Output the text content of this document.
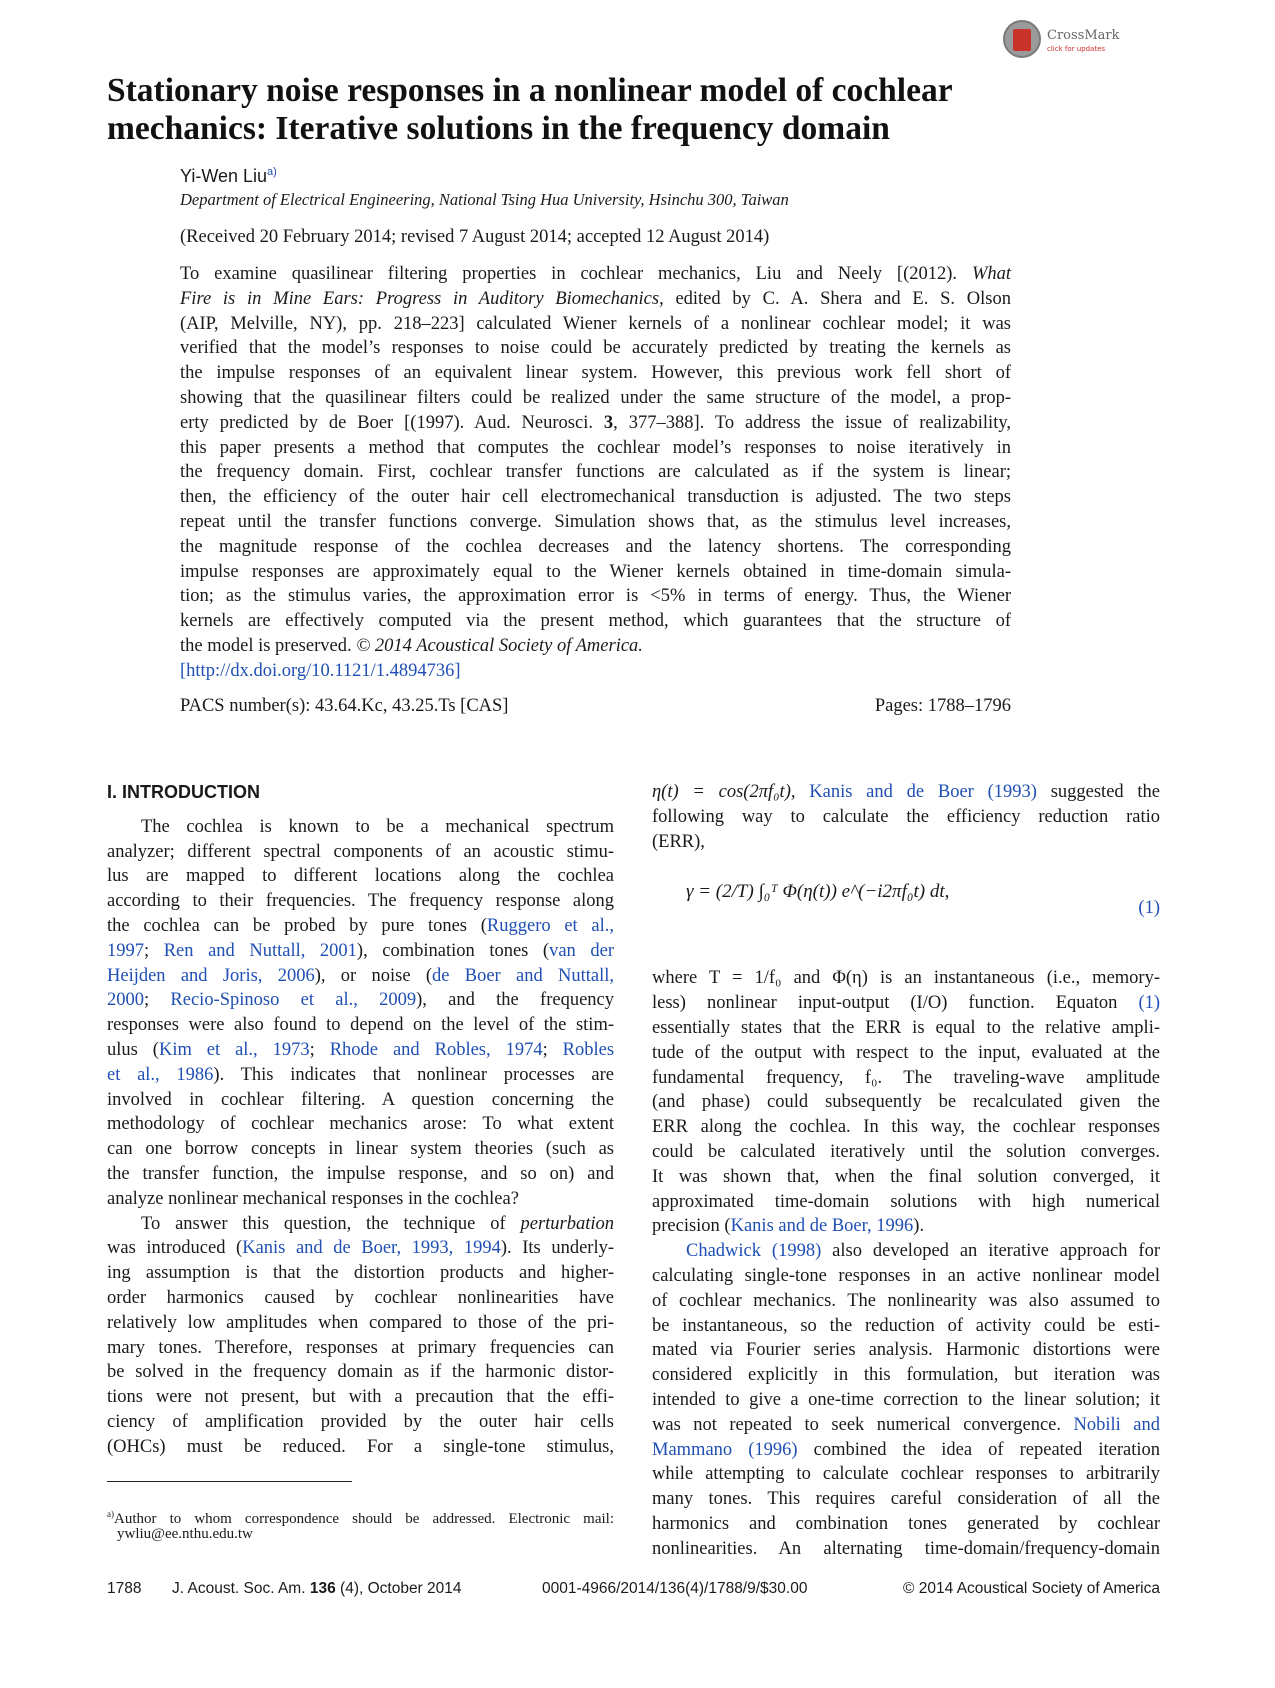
CrossMark
click for updates
Stationary noise responses in a nonlinear model of cochlear
mechanics: Iterative solutions in the frequency domain
Yi-Wen Liu$^{a)}$
Department of Electrical Engineering, National Tsing Hua University, Hsinchu 300, Taiwan
(Received 20 February 2014; revised 7 August 2014; accepted 12 August 2014)
To examine quasilinear filtering properties in cochlear mechanics, Liu and Neely [(2012). What
Fire is in Mine Ears: Progress in Auditory Biomechanics, edited by C. A. Shera and E. S. Olson
(AIP, Melville, NY), pp. 218–223] calculated Wiener kernels of a nonlinear cochlear model; it was
verified that the model’s responses to noise could be accurately predicted by treating the kernels as
the impulse responses of an equivalent linear system. However, this previous work fell short of
showing that the quasilinear filters could be realized under the same structure of the model, a prop-
erty predicted by de Boer [(1997). Aud. Neurosci. 3, 377–388]. To address the issue of realizability,
this paper presents a method that computes the cochlear model’s responses to noise iteratively in
the frequency domain. First, cochlear transfer functions are calculated as if the system is linear;
then, the efficiency of the outer hair cell electromechanical transduction is adjusted. The two steps
repeat until the transfer functions converge. Simulation shows that, as the stimulus level increases,
the magnitude response of the cochlea decreases and the latency shortens. The corresponding
impulse responses are approximately equal to the Wiener kernels obtained in time-domain simula-
tion; as the stimulus varies, the approximation error is <5% in terms of energy. Thus, the Wiener
kernels are effectively computed via the present method, which guarantees that the structure of
the model is preserved. © 2014 Acoustical Society of America.
[http://dx.doi.org/10.1121/1.4894736]
PACS number(s): 43.64.Kc, 43.25.Ts [CAS]	Pages: 1788–1796
I. INTRODUCTION
The cochlea is known to be a mechanical spectrum
analyzer; different spectral components of an acoustic stimu-
lus are mapped to different locations along the cochlea
according to their frequencies. The frequency response along
the cochlea can be probed by pure tones (Ruggero et al.,
1997; Ren and Nuttall, 2001), combination tones (van der
Heijden and Joris, 2006), or noise (de Boer and Nuttall,
2000; Recio-Spinoso et al., 2009), and the frequency
responses were also found to depend on the level of the stim-
ulus (Kim et al., 1973; Rhode and Robles, 1974; Robles
et al., 1986). This indicates that nonlinear processes are
involved in cochlear filtering. A question concerning the
methodology of cochlear mechanics arose: To what extent
can one borrow concepts in linear system theories (such as
the transfer function, the impulse response, and so on) and
analyze nonlinear mechanical responses in the cochlea?
To answer this question, the technique of perturbation
was introduced (Kanis and de Boer, 1993, 1994). Its underly-
ing assumption is that the distortion products and higher-
order harmonics caused by cochlear nonlinearities have
relatively low amplitudes when compared to those of the pri-
mary tones. Therefore, responses at primary frequencies can
be solved in the frequency domain as if the harmonic distor-
tions were not present, but with a precaution that the effi-
ciency of amplification provided by the outer hair cells
(OHCs) must be reduced. For a single-tone stimulus,
η(t) = cos(2πf₀t), Kanis and de Boer (1993) suggested the
following way to calculate the efficiency reduction ratio
(ERR),
γ = (2/T) ∫₀ᵀ Φ(η(t)) e^(−i2πf₀t) dt,
(1)
where T = 1/f₀ and Φ(η) is an instantaneous (i.e., memory-
less) nonlinear input-output (I/O) function. Equaton (1)
essentially states that the ERR is equal to the relative ampli-
tude of the output with respect to the input, evaluated at the
fundamental frequency, f₀. The traveling-wave amplitude
(and phase) could subsequently be recalculated given the
ERR along the cochlea. In this way, the cochlear responses
could be calculated iteratively until the solution converges.
It was shown that, when the final solution converged, it
approximated time-domain solutions with high numerical
precision (Kanis and de Boer, 1996).
Chadwick (1998) also developed an iterative approach for
calculating single-tone responses in an active nonlinear model
of cochlear mechanics. The nonlinearity was also assumed to
be instantaneous, so the reduction of activity could be esti-
mated via Fourier series analysis. Harmonic distortions were
considered explicitly in this formulation, but iteration was
intended to give a one-time correction to the linear solution; it
was not repeated to seek numerical convergence. Nobili and
Mammano (1996) combined the idea of repeated iteration
while attempting to calculate cochlear responses to arbitrarily
many tones. This requires careful consideration of all the
harmonics and combination tones generated by cochlear
nonlinearities. An alternating time-domain/frequency-domain
$^{a)}$Author to whom correspondence should be addressed. Electronic mail:
ywliu@ee.nthu.edu.tw
1788 J. Acoust. Soc. Am. 136 (4), October 2014	0001-4966/2014/136(4)/1788/9/$30.00	© 2014 Acoustical Society of America
